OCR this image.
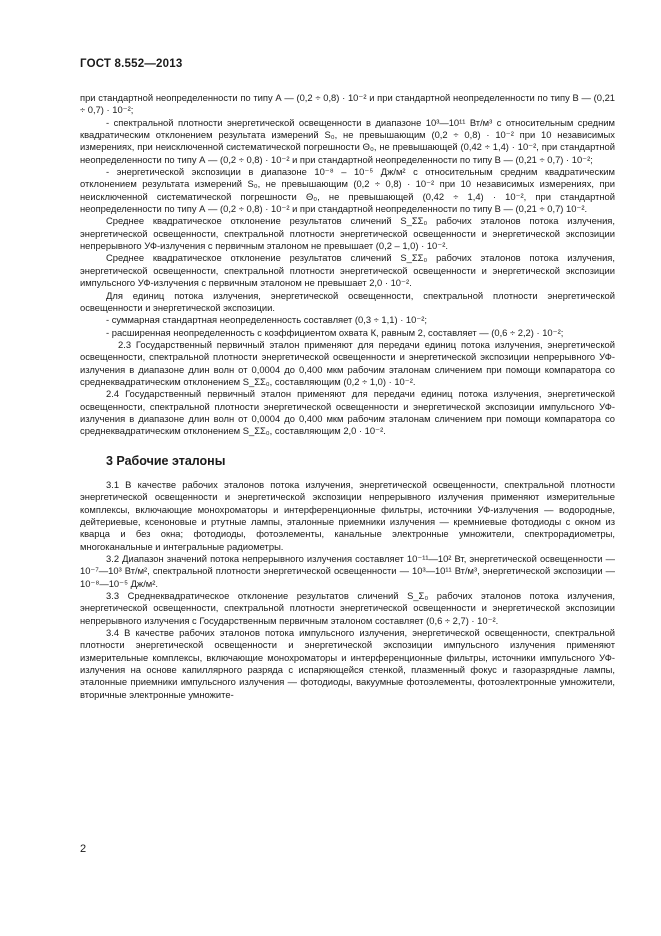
ГОСТ 8.552—2013

при стандартной неопределенности по типу А — (0,2 ÷ 0,8) · 10⁻² и при стандартной неопределенности по типу В — (0,21 ÷ 0,7) · 10⁻²;

- спектральной плотности энергетической освещенности в диапазоне 10³—10¹¹ Вт/м³ с относительным средним квадратическим отклонением результата измерений S₀, не превышающим (0,2 ÷ 0,8) · 10⁻² при 10 независимых измерениях, при неисключенной систематической погрешности Θ₀, не превышающей (0,42 ÷ 1,4) · 10⁻², при стандартной неопределенности по типу А — (0,2 ÷ 0,8) · 10⁻² и при стандартной неопределенности по типу В — (0,21 ÷ 0,7) · 10⁻²;

- энергетической экспозиции в диапазоне 10⁻⁸ – 10⁻⁵ Дж/м² с относительным средним квадратическим отклонением результата измерений S₀, не превышающим (0,2 ÷ 0,8) · 10⁻² при 10 независимых измерениях, при неисключенной систематической погрешности Θ₀, не превышающей (0,42 ÷ 1,4) · 10⁻², при стандартной неопределенности по типу А — (0,2 ÷ 0,8) · 10⁻² и при стандартной неопределенности по типу В — (0,21 ÷ 0,7) 10⁻².

Среднее квадратическое отклонение результатов сличений S_ΣΣ₀ рабочих эталонов потока излучения, энергетической освещенности, спектральной плотности энергетической освещенности и энергетической экспозиции непрерывного УФ-излучения с первичным эталоном не превышает (0,2 – 1,0) · 10⁻².

Среднее квадратическое отклонение результатов сличений S_ΣΣ₀ рабочих эталонов потока излучения, энергетической освещенности, спектральной плотности энергетической освещенности и энергетической экспозиции импульсного УФ-излучения с первичным эталоном не превышает 2,0 · 10⁻².

Для единиц потока излучения, энергетической освещенности, спектральной плотности энергетической освещенности и энергетической экспозиции.

- суммарная стандартная неопределенность составляет (0,3 ÷ 1,1) · 10⁻²;

- расширенная неопределенность с коэффициентом охвата К, равным 2, составляет — (0,6 ÷ 2,2) · 10⁻²;

2.3 Государственный первичный эталон применяют для передачи единиц потока излучения, энергетической освещенности, спектральной плотности энергетической освещенности и энергетической экспозиции непрерывного УФ-излучения в диапазоне длин волн от 0,0004 до 0,400 мкм рабочим эталонам сличением при помощи компаратора со среднеквадратическим отклонением S_ΣΣ₀, составляющим (0,2 ÷ 1,0) · 10⁻².

2.4 Государственный первичный эталон применяют для передачи единиц потока излучения, энергетической освещенности, спектральной плотности энергетической освещенности и энергетической экспозиции импульсного УФ-излучения в диапазоне длин волн от 0,0004 до 0,400 мкм рабочим эталонам сличением при помощи компаратора со среднеквадратическим отклонением S_ΣΣ₀, составляющим 2,0 · 10⁻².

3 Рабочие эталоны

3.1 В качестве рабочих эталонов потока излучения, энергетической освещенности, спектральной плотности энергетической освещенности и энергетической экспозиции непрерывного излучения применяют измерительные комплексы, включающие монохроматоры и интерференционные фильтры, источники УФ-излучения — водородные, дейтериевые, ксеноновые и ртутные лампы, эталонные приемники излучения — кремниевые фотодиоды с окном из кварца и без окна; фотодиоды, фотоэлементы, канальные электронные умножители, спектрорадиометры, многоканальные и интегральные радиометры.

3.2 Диапазон значений потока непрерывного излучения составляет 10⁻¹¹—10² Вт, энергетической освещенности — 10⁻⁷—10³ Вт/м², спектральной плотности энергетической освещенности — 10³—10¹¹ Вт/м³, энергетической экспозиции — 10⁻⁸—10⁻⁵ Дж/м².

3.3 Среднеквадратическое отклонение результатов сличений S_Σ₀ рабочих эталонов потока излучения, энергетической освещенности, спектральной плотности энергетической освещенности и энергетической экспозиции непрерывного излучения с Государственным первичным эталоном составляет (0,6 ÷ 2,7) · 10⁻².

3.4 В качестве рабочих эталонов потока импульсного излучения, энергетической освещенности, спектральной плотности энергетической освещенности и энергетической экспозиции импульсного излучения применяют измерительные комплексы, включающие монохроматоры и интерференционные фильтры, источники импульсного УФ-излучения на основе капиллярного разряда с испаряющейся стенкой, плазменный фокус и газоразрядные лампы, эталонные приемники импульсного излучения — фотодиоды, вакуумные фотоэлементы, фотоэлектронные умножители, вторичные электронные умножите-

2
